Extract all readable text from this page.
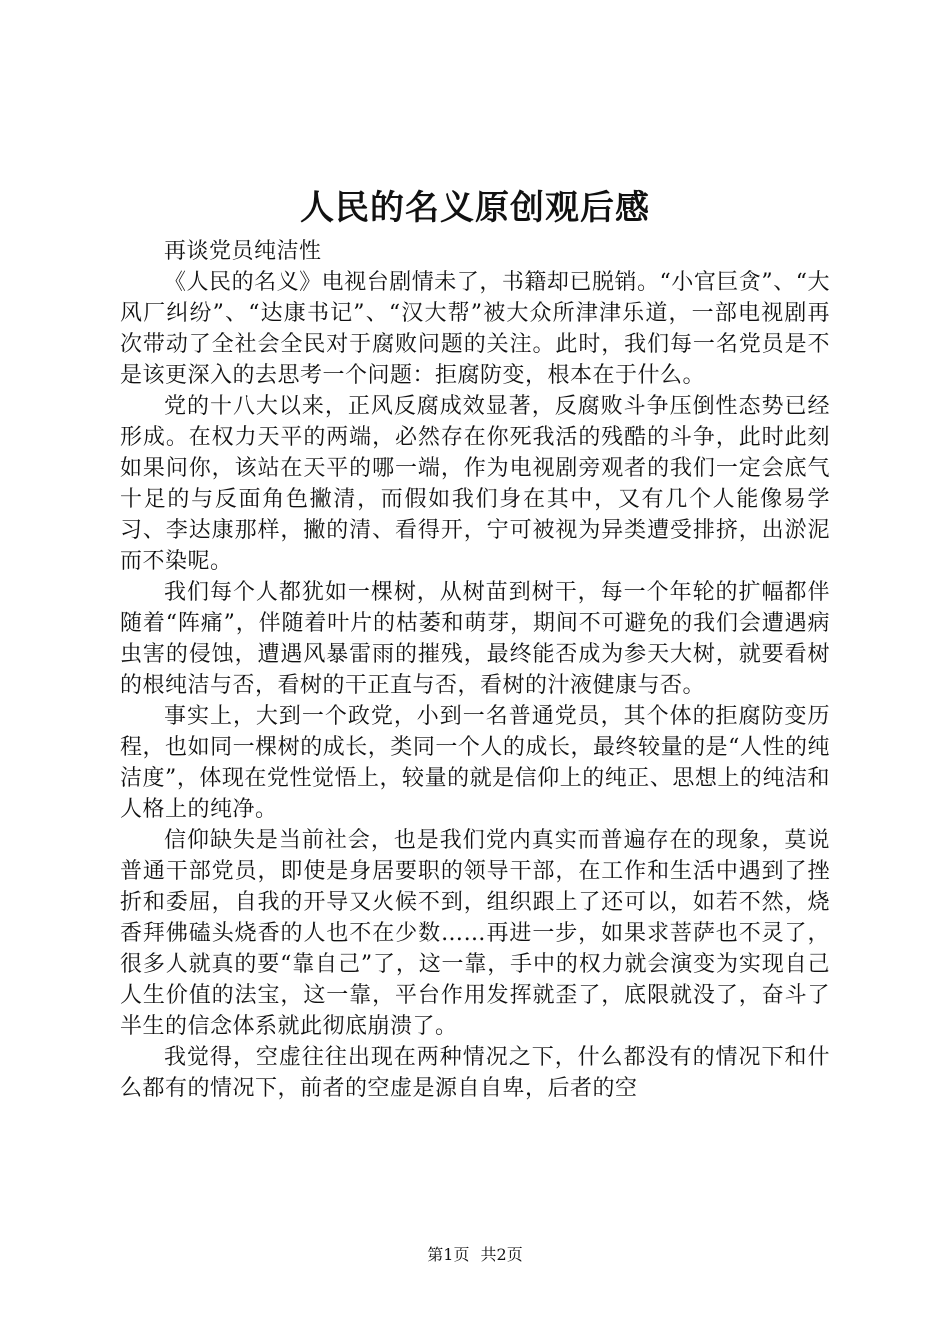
人民的名义原创观后感

再谈党员纯洁性

《人民的名义》电视台剧情未了，书籍却已脱销。“小官巨贪”、“大风厂纠纷”、“达康书记”、“汉大帮”被大众所津津乐道，一部电视剧再次带动了全社会全民对于腐败问题的关注。此时，我们每一名党员是不是该更深入的去思考一个问题：拒腐防变，根本在于什么。

党的十八大以来，正风反腐成效显著，反腐败斗争压倒性态势已经形成。在权力天平的两端，必然存在你死我活的残酷的斗争，此时此刻如果问你，该站在天平的哪一端，作为电视剧旁观者的我们一定会底气十足的与反面角色撇清，而假如我们身在其中，又有几个人能像易学习、李达康那样，撇的清、看得开，宁可被视为异类遭受排挤，出淤泥而不染呢。

我们每个人都犹如一棵树，从树苗到树干，每一个年轮的扩幅都伴随着“阵痛”，伴随着叶片的枯萎和萌芽，期间不可避免的我们会遭遇病虫害的侵蚀，遭遇风暴雷雨的摧残，最终能否成为参天大树，就要看树的根纯洁与否，看树的干正直与否，看树的汁液健康与否。

事实上，大到一个政党，小到一名普通党员，其个体的拒腐防变历程，也如同一棵树的成长，类同一个人的成长，最终较量的是“人性的纯洁度”，体现在党性觉悟上，较量的就是信仰上的纯正、思想上的纯洁和人格上的纯净。

信仰缺失是当前社会，也是我们党内真实而普遍存在的现象，莫说普通干部党员，即使是身居要职的领导干部，在工作和生活中遇到了挫折和委屈，自我的开导又火候不到，组织跟上了还可以，如若不然，烧香拜佛磕头烧香的人也不在少数……再进一步，如果求菩萨也不灵了，很多人就真的要“靠自己”了，这一靠，手中的权力就会演变为实现自己人生价值的法宝，这一靠，平台作用发挥就歪了，底限就没了，奋斗了半生的信念体系就此彻底崩溃了。

我觉得，空虚往往出现在两种情况之下，什么都没有的情况下和什么都有的情况下，前者的空虚是源自自卑，后者的空

第1页 共2页
